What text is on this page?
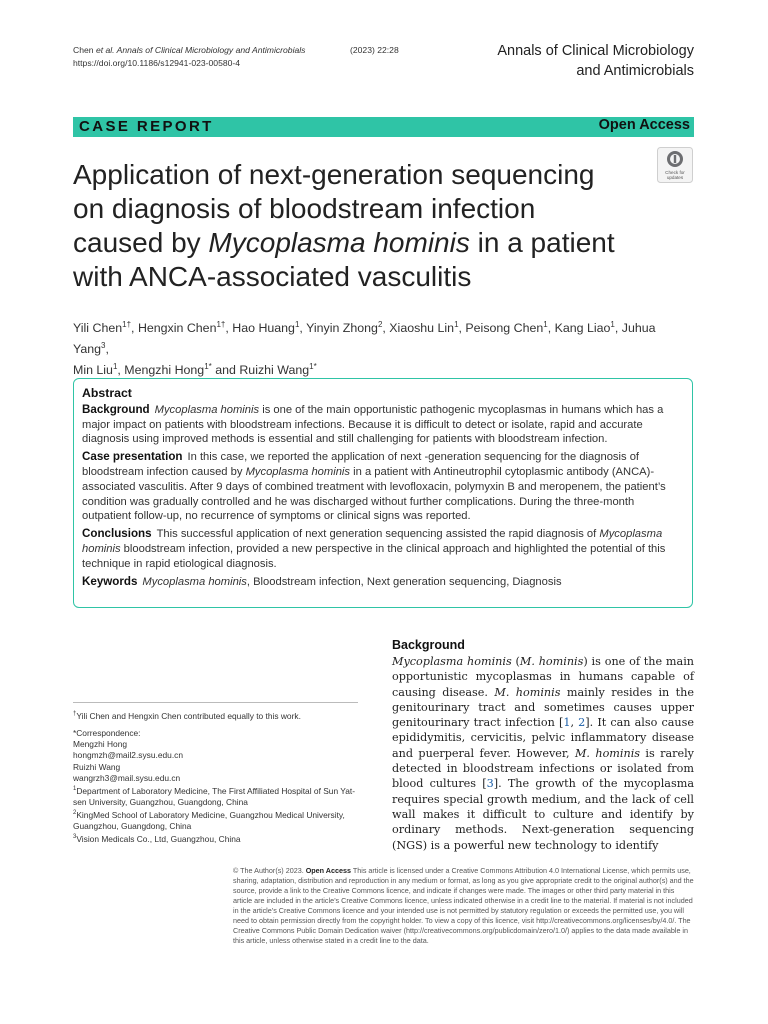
Chen et al. Annals of Clinical Microbiology and Antimicrobials	(2023) 22:28

https://doi.org/10.1186/s12941-023-00580-4
Annals of Clinical Microbiology
and Antimicrobials
CASE REPORT	Open Access
Check for
updates
Application of next-generation sequencing
on diagnosis of bloodstream infection
caused by Mycoplasma hominis in a patient
with ANCA-associated vasculitis
Yili Chen$^{1\dagger}$, Hengxin Chen$^{1\dagger}$, Hao Huang$^1$, Yinyin Zhong$^2$, Xiaoshu Lin$^1$, Peisong Chen$^1$, Kang Liao$^1$, Juhua Yang$^3$,
Min Liu$^1$, Mengzhi Hong$^{1*}$ and Ruizhi Wang$^{1*}$
Abstract

Background Mycoplasma hominis is one of the main opportunistic pathogenic mycoplasmas in humans which has a major impact on patients with bloodstream infections. Because it is difficult to detect or isolate, rapid and accurate diagnosis using improved methods is essential and still challenging for patients with bloodstream infection.

Case presentation In this case, we reported the application of next -generation sequencing for the diagnosis of bloodstream infection caused by Mycoplasma hominis in a patient with Antineutrophil cytoplasmic antibody (ANCA)-associated vasculitis. After 9 days of combined treatment with levofloxacin, polymyxin B and meropenem, the patient’s condition was gradually controlled and he was discharged without further complications. During the three-month outpatient follow-up, no recurrence of symptoms or clinical signs was reported.

Conclusions This successful application of next generation sequencing assisted the rapid diagnosis of Mycoplasma hominis bloodstream infection, provided a new perspective in the clinical approach and highlighted the potential of this technique in rapid etiological diagnosis.

Keywords Mycoplasma hominis, Bloodstream infection, Next generation sequencing, Diagnosis

†Yili Chen and Hengxin Chen contributed equally to this work.
*Correspondence:
Mengzhi Hong
hongmzh@mail2.sysu.edu.cn
Ruizhi Wang
wangrzh3@mail.sysu.edu.cn
$^1$Department of Laboratory Medicine, The First Affiliated Hospital of Sun Yat-sen University, Guangzhou, Guangdong, China
$^2$KingMed School of Laboratory Medicine, Guangzhou Medical University, Guangzhou, Guangdong, China
$^3$Vision Medicals Co., Ltd, Guangzhou, China
Background
Mycoplasma hominis (M. hominis) is one of the main opportunistic mycoplasmas in humans capable of causing disease. M. hominis mainly resides in the genitourinary tract and sometimes causes upper genitourinary tract infection [1, 2]. It can also cause epididymitis, cervicitis, pelvic inflammatory disease and puerperal fever. However, M. hominis is rarely detected in bloodstream infections or isolated from blood cultures [3]. The growth of the mycoplasma requires special growth medium, and the lack of cell wall makes it difficult to culture and identify by ordinary methods. Next-generation sequencing (NGS) is a powerful new technology to identify
© The Author(s) 2023. Open Access This article is licensed under a Creative Commons Attribution 4.0 International License, which permits use, sharing, adaptation, distribution and reproduction in any medium or format, as long as you give appropriate credit to the original author(s) and the source, provide a link to the Creative Commons licence, and indicate if changes were made. The images or other third party material in this article are included in the article’s Creative Commons licence, unless indicated otherwise in a credit line to the material. If material is not included in the article’s Creative Commons licence and your intended use is not permitted by statutory regulation or exceeds the permitted use, you will need to obtain permission directly from the copyright holder. To view a copy of this licence, visit http://creativecommons.org/licenses/by/4.0/. The Creative Commons Public Domain Dedication waiver (http://creativecommons.org/publicdomain/zero/1.0/) applies to the data made available in this article, unless otherwise stated in a credit line to the data.
